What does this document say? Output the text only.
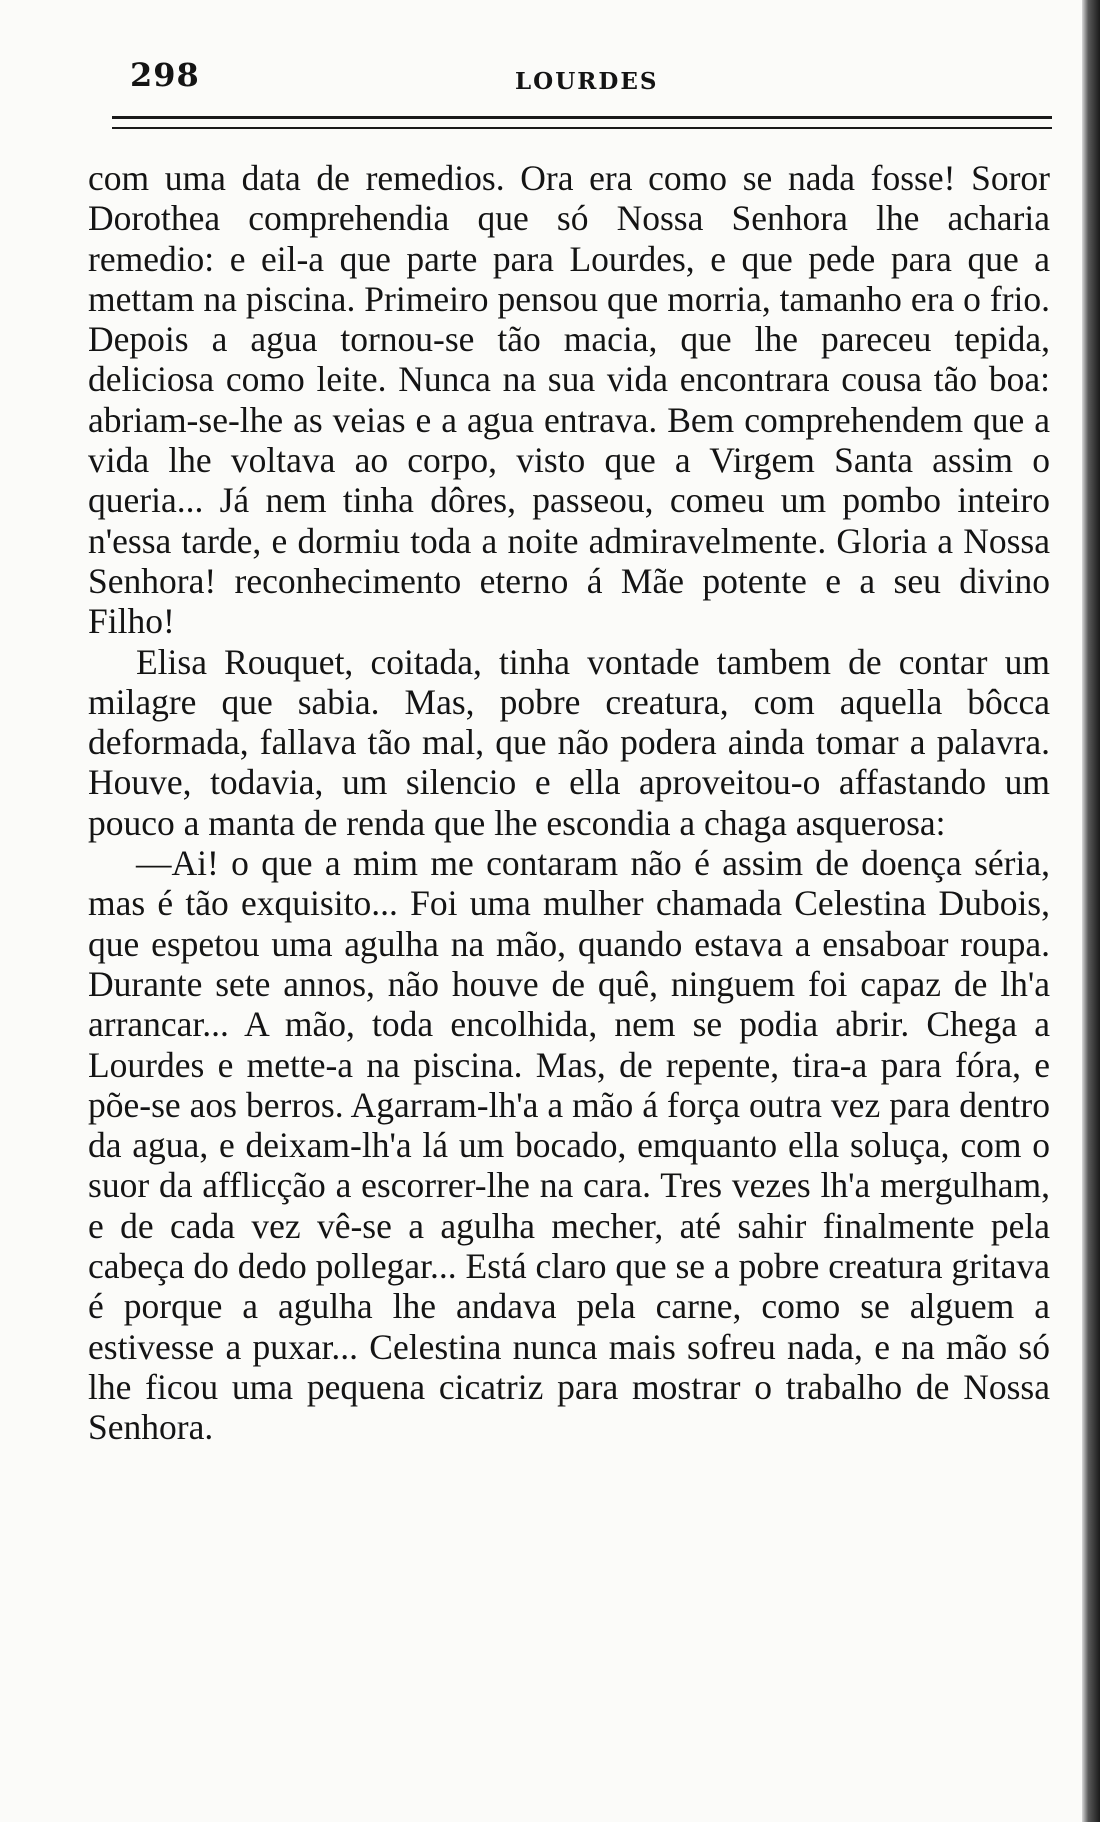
298	LOURDES

com uma data de remedios. Ora era como se nada fosse! Soror Dorothea comprehendia que só Nossa Senhora lhe acharia remedio: e eil-a que parte para Lourdes, e que pede para que a mettam na piscina. Primeiro pensou que morria, tamanho era o frio. Depois a agua tornou-se tão macia, que lhe pareceu tepida, deliciosa como leite. Nunca na sua vida encontrara cousa tão boa: abriam-se-lhe as veias e a agua entrava. Bem comprehendem que a vida lhe voltava ao corpo, visto que a Virgem Santa assim o queria... Já nem tinha dôres, passeou, comeu um pombo inteiro n'essa tarde, e dormiu toda a noite admiravelmente. Gloria a Nossa Senhora! reconhecimento eterno á Mãe potente e a seu divino Filho!

Elisa Rouquet, coitada, tinha vontade tambem de contar um milagre que sabia. Mas, pobre creatura, com aquella bôcca deformada, fallava tão mal, que não podera ainda tomar a palavra. Houve, todavia, um silencio e ella aproveitou-o affastando um pouco a manta de renda que lhe escondia a chaga asquerosa:

—Ai! o que a mim me contaram não é assim de doença séria, mas é tão exquisito... Foi uma mulher chamada Celestina Dubois, que espetou uma agulha na mão, quando estava a ensaboar roupa. Durante sete annos, não houve de quê, ninguem foi capaz de lh'a arrancar... A mão, toda encolhida, nem se podia abrir. Chega a Lourdes e mette-a na piscina. Mas, de repente, tira-a para fóra, e põe-se aos berros. Agarram-lh'a a mão á força outra vez para dentro da agua, e deixam-lh'a lá um bocado, emquanto ella soluça, com o suor da afflicção a escorrer-lhe na cara. Tres vezes lh'a mergulham, e de cada vez vê-se a agulha mecher, até sahir finalmente pela cabeça do dedo pollegar... Está claro que se a pobre creatura gritava é porque a agulha lhe andava pela carne, como se alguem a estivesse a puxar... Celestina nunca mais sofreu nada, e na mão só lhe ficou uma pequena cicatriz para mostrar o trabalho de Nossa Senhora.
